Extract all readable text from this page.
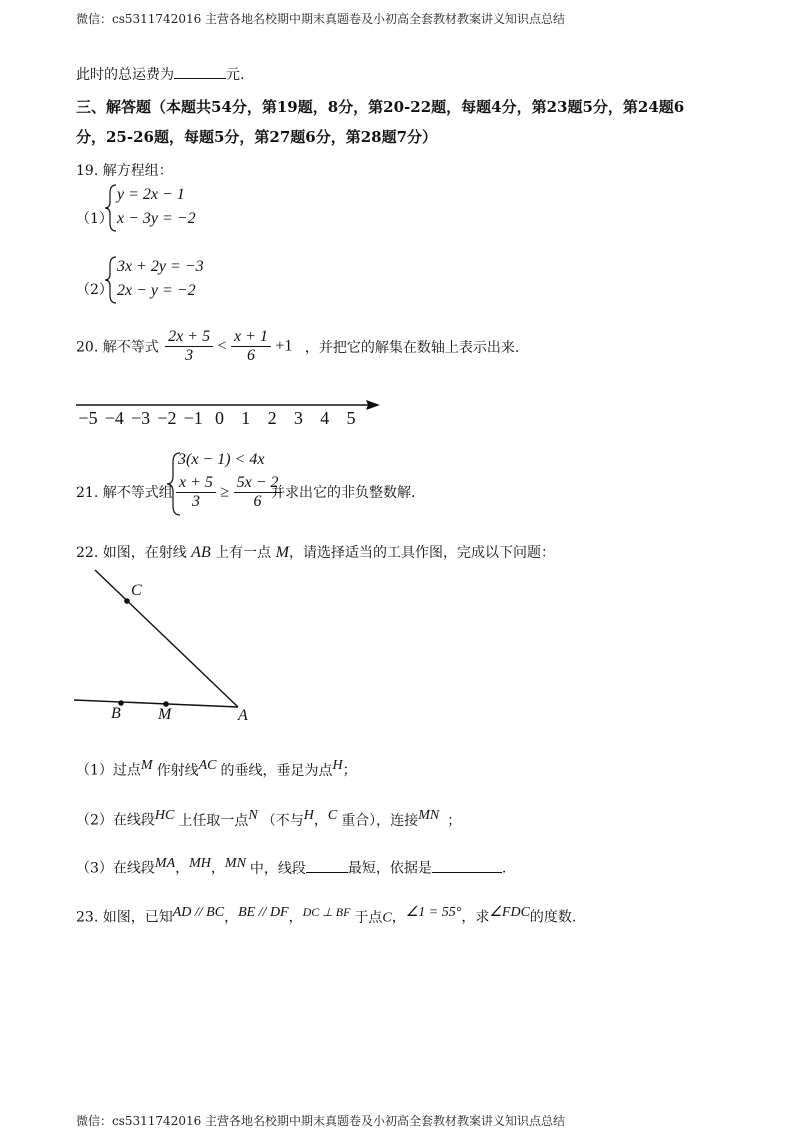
微信：cs5311742016 主营各地名校期中期末真题卷及小初高全套教材教案讲义知识点总结
此时的总运费为	元.
三、解答题（本题共54分，第19题，8分，第20-22题，每题4分，第23题5分，第24题6
分，25-26题，每题5分，第27题6分，第28题7分）
19. 解方程组：
（1）
y = 2x − 1
x − 3y = −2
（2）
3x + 2y = −3
2x − y = −2
20. 解不等式 $\frac{2x + 5}{3} < \frac{x + 1}{6} +1$ ，并把它的解集在数轴上表示出来.
−5 −4 −3 −2 −1 0 1 2 3 4 5
21. 解不等式组
3(x − 1) < 4x
$\frac{x + 5}{3} \ge \frac{5x - 2}{6}$
并求出它的非负整数解.
22. 如图，在射线 AB 上有一点 M，请选择适当的工具作图，完成以下问题：
C
B M	A
（1）过点$^M$ 作射线$^{AC}$ 的垂线，垂足为点$^H$；
（2）在线段$^{HC}$ 上任取一点$^N$ （不与$^H$，$^C$ 重合），连接$^{MN}$ ；
（3）在线段$^{MA}$，$^{MH}$，$^{MN}$ 中，线段	最短，依据是	.
23. 如图，已知$^{AD // BC}$，$^{BE // DF}$，$^{DC \perp BF}$ 于点C，$^{\angle 1 = 55^\circ}$，求$^{\angle FDC}$的度数.
微信：cs5311742016 主营各地名校期中期末真题卷及小初高全套教材教案讲义知识点总结
